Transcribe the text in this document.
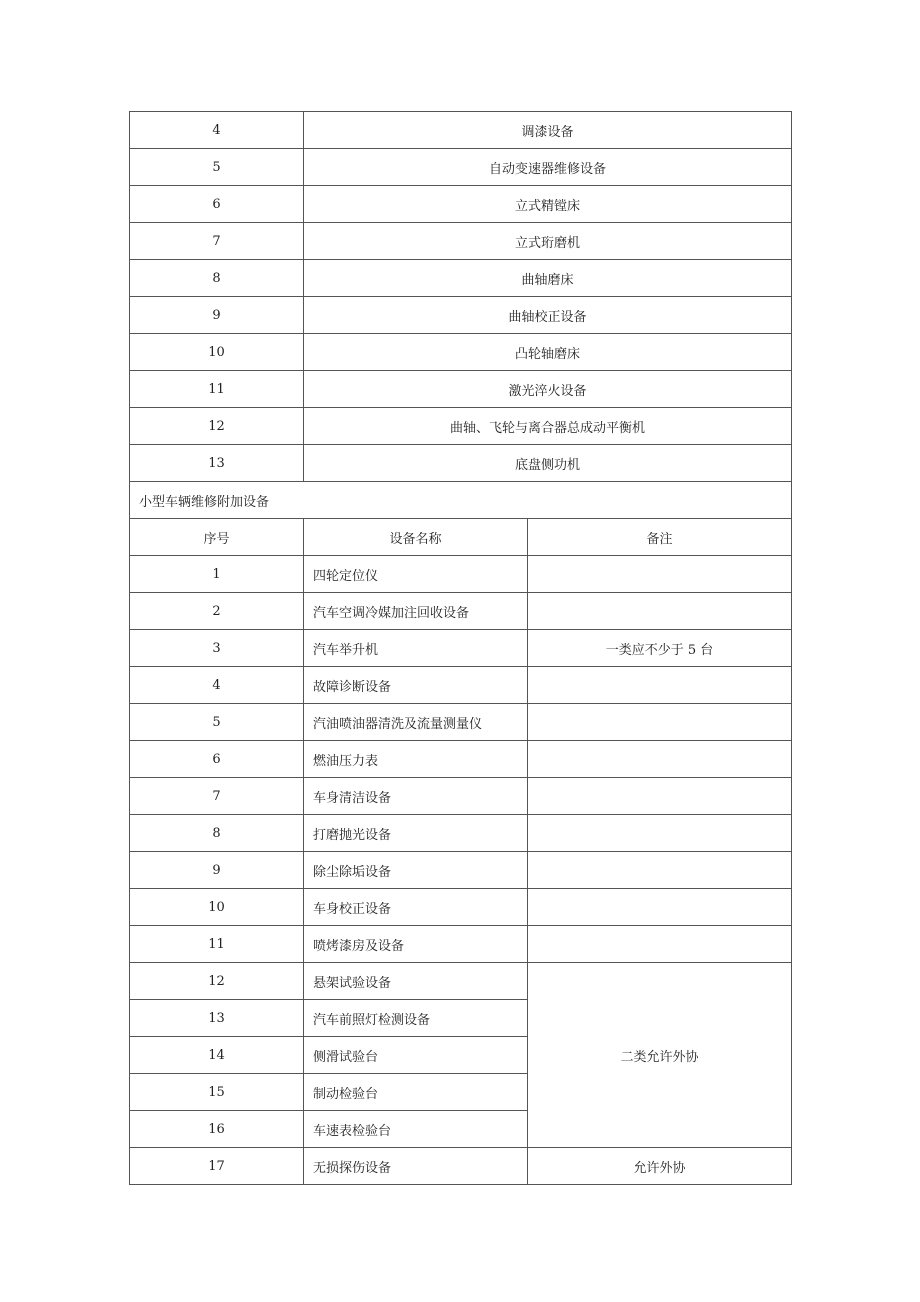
4	调漆设备	
5	自动变速器维修设备	
6	立式精镗床	
7	立式珩磨机	
8	曲轴磨床	
9	曲轴校正设备	
10	凸轮轴磨床	
11	激光淬火设备	
12	曲轴、飞轮与离合器总成动平衡机	
13	底盘侧功机	
小型车辆维修附加设备		
序号	设备名称	备注
1	四轮定位仪	
2	汽车空调冷媒加注回收设备	
3	汽车举升机	一类应不少于 5 台
4	故障诊断设备	
5	汽油喷油器清洗及流量测量仪	
6	燃油压力表	
7	车身清洁设备	
8	打磨抛光设备	
9	除尘除垢设备	
10	车身校正设备	
11	喷烤漆房及设备	
12	悬架试验设备	二类允许外协
13	汽车前照灯检测设备	
14	侧滑试验台	
15	制动检验台	
16	车速表检验台	
17	无损探伤设备	允许外协
